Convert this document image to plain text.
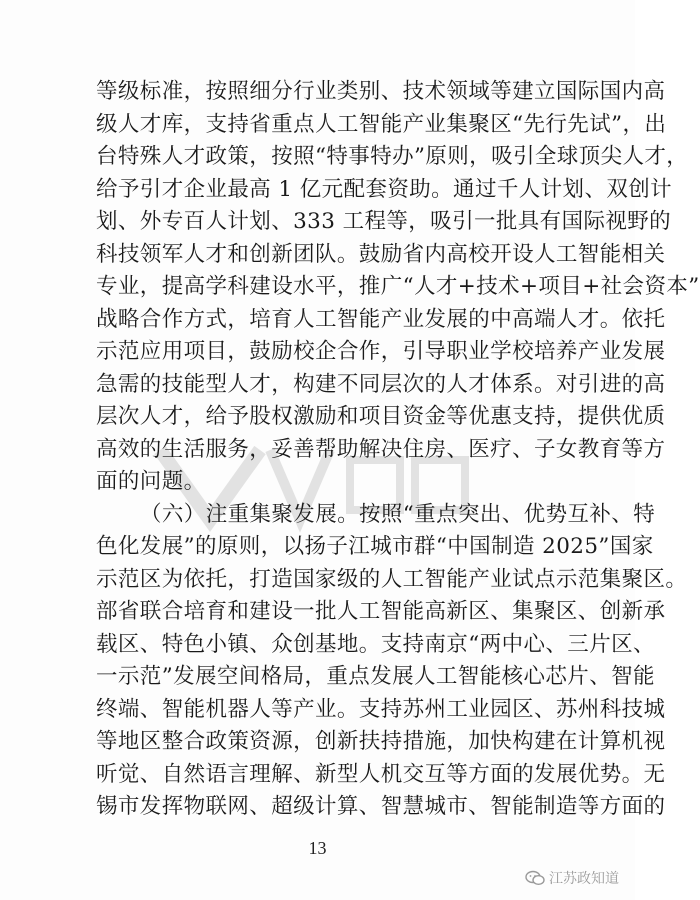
等级标准，按照细分行业类别、技术领域等建立国际国内高
级人才库，支持省重点人工智能产业集聚区“先行先试”，出
台特殊人才政策，按照“特事特办”原则，吸引全球顶尖人才，
给予引才企业最高 1 亿元配套资助。通过千人计划、双创计
划、外专百人计划、333 工程等，吸引一批具有国际视野的
科技领军人才和创新团队。鼓励省内高校开设人工智能相关
专业，提高学科建设水平，推广“人才+技术+项目+社会资本”
战略合作方式，培育人工智能产业发展的中高端人才。依托
示范应用项目，鼓励校企合作，引导职业学校培养产业发展
急需的技能型人才，构建不同层次的人才体系。对引进的高
层次人才，给予股权激励和项目资金等优惠支持，提供优质
高效的生活服务，妥善帮助解决住房、医疗、子女教育等方
面的问题。
（六）注重集聚发展。按照“重点突出、优势互补、特
色化发展”的原则，以扬子江城市群“中国制造 2025”国家
示范区为依托，打造国家级的人工智能产业试点示范集聚区。
部省联合培育和建设一批人工智能高新区、集聚区、创新承
载区、特色小镇、众创基地。支持南京“两中心、三片区、
一示范”发展空间格局，重点发展人工智能核心芯片、智能
终端、智能机器人等产业。支持苏州工业园区、苏州科技城
等地区整合政策资源，创新扶持措施，加快构建在计算机视
13
江苏政知道
听觉、自然语言理解、新型人机交互等方面的发展优势。无
锡市发挥物联网、超级计算、智慧城市、智能制造等方面的
